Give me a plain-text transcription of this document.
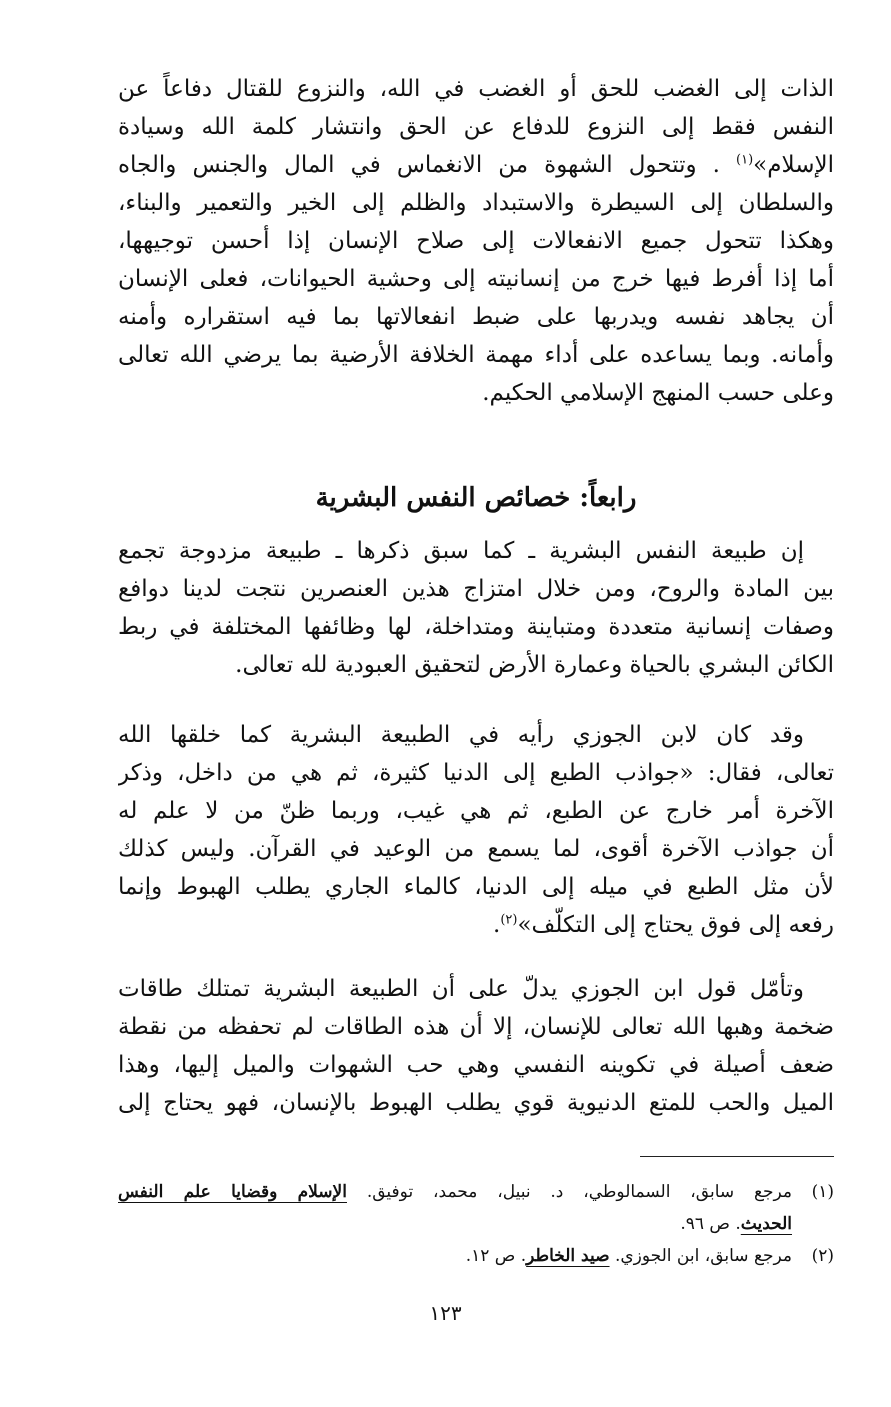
الذات إلى الغضب للحق أو الغضب في الله، والنزوع للقتال دفاعاً عن
النفس فقط إلى النزوع للدفاع عن الحق وانتشار كلمة الله وسيادة
الإسلام»$^{(١)}$ . وتتحول الشهوة من الانغماس في المال والجنس والجاه
والسلطان إلى السيطرة والاستبداد والظلم إلى الخير والتعمير والبناء،
وهكذا تتحول جميع الانفعالات إلى صلاح الإنسان إذا أحسن توجيهها،
أما إذا أفرط فيها خرج من إنسانيته إلى وحشية الحيوانات، فعلى الإنسان
أن يجاهد نفسه ويدربها على ضبط انفعالاتها بما فيه استقراره وأمنه
وأمانه. وبما يساعده على أداء مهمة الخلافة الأرضية بما يرضي الله تعالى
وعلى حسب المنهج الإسلامي الحكيم.
رابعاً: خصائص النفس البشرية
إن طبيعة النفس البشرية ـ كما سبق ذكرها ـ طبيعة مزدوجة تجمع
بين المادة والروح، ومن خلال امتزاج هذين العنصرين نتجت لدينا دوافع
وصفات إنسانية متعددة ومتباينة ومتداخلة، لها وظائفها المختلفة في ربط
الكائن البشري بالحياة وعمارة الأرض لتحقيق العبودية لله تعالى.
وقد كان لابن الجوزي رأيه في الطبيعة البشرية كما خلقها الله
تعالى، فقال: «جواذب الطبع إلى الدنيا كثيرة، ثم هي من داخل، وذكر
الآخرة أمر خارج عن الطبع، ثم هي غيب، وربما ظنّ من لا علم له
أن جواذب الآخرة أقوى، لما يسمع من الوعيد في القرآن. وليس كذلك
لأن مثل الطبع في ميله إلى الدنيا، كالماء الجاري يطلب الهبوط وإنما
رفعه إلى فوق يحتاج إلى التكلّف»$^{(٢)}$.
وتأمّل قول ابن الجوزي يدلّ على أن الطبيعة البشرية تمتلك طاقات
ضخمة وهبها الله تعالى للإنسان، إلا أن هذه الطاقات لم تحفظه من نقطة
ضعف أصيلة في تكوينه النفسي وهي حب الشهوات والميل إليها، وهذا
الميل والحب للمتع الدنيوية قوي يطلب الهبوط بالإنسان، فهو يحتاج إلى
(١)
مرجع سابق، السمالوطي، د. نبيل، محمد، توفيق. الإسلام وقضايا علم النفس
الحديث. ص ٩٦.
(٢)
مرجع سابق، ابن الجوزي. صيد الخاطر. ص ١٢.
١٢٣
